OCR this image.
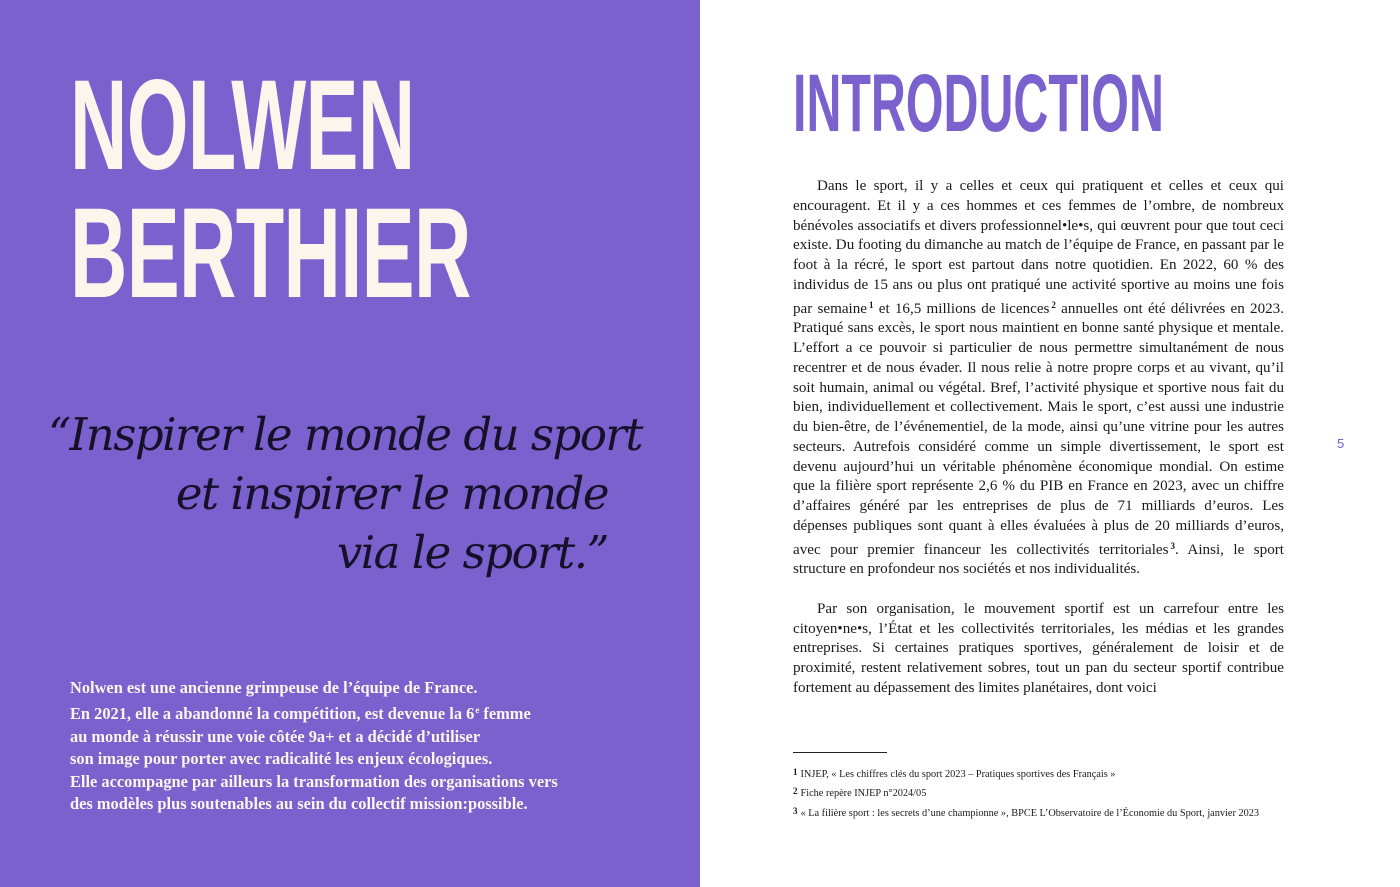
NOLWEN
BERTHIER
“Inspirer le monde du sport
et inspirer le monde
via le sport.”
Nolwen est une ancienne grimpeuse de l’équipe de France.
En 2021, elle a abandonné la compétition, est devenue la 6e femme
au monde à réussir une voie côtée 9a+ et a décidé d’utiliser
son image pour porter avec radicalité les enjeux écologiques.
Elle accompagne par ailleurs la transformation des organisations vers
des modèles plus soutenables au sein du collectif mission:possible.
INTRODUCTION

Dans le sport, il y a celles et ceux qui pratiquent et celles et ceux qui encouragent. Et il y a ces hommes et ces femmes de l’ombre, de nombreux bénévoles associatifs et divers professionnel•le•s, qui œuvrent pour que tout ceci existe. Du footing du dimanche au match de l’équipe de France, en passant par le foot à la récré, le sport est partout dans notre quotidien. En 2022, 60 % des individus de 15 ans ou plus ont pratiqué une activité sportive au moins une fois par semaine $^1$ et 16,5 millions de licences $^2$ annuelles ont été délivrées en 2023. Pratiqué sans excès, le sport nous maintient en bonne santé physique et mentale. L’effort a ce pouvoir si particulier de nous permettre simultanément de nous recentrer et de nous évader. Il nous relie à notre propre corps et au vivant, qu’il soit humain, animal ou végétal. Bref, l’activité physique et sportive nous fait du bien, individuellement et collectivement. Mais le sport, c’est aussi une industrie du bien-être, de l’événementiel, de la mode, ainsi qu’une vitrine pour les autres secteurs. Autrefois considéré comme un simple divertissement, le sport est devenu aujourd’hui un véritable phénomène économique mondial. On estime que la filière sport représente 2,6 % du PIB en France en 2023, avec un chiffre d’affaires généré par les entreprises de plus de 71 milliards d’euros. Les dépenses publiques sont quant à elles évaluées à plus de 20 milliards d’euros, avec pour premier financeur les collectivités territoriales $^3$. Ainsi, le sport structure en profondeur nos sociétés et nos individualités.

Par son organisation, le mouvement sportif est un carrefour entre les citoyen•ne•s, l’État et les collectivités territoriales, les médias et les grandes entreprises. Si certaines pratiques sportives, généralement de loisir et de proximité, restent relativement sobres, tout un pan du secteur sportif contribue fortement au dépassement des limites planétaires, dont voici

5
1 INJEP, « Les chiffres clés du sport 2023 – Pratiques sportives des Français »
2 Fiche repère INJEP n°2024/05
3 « La filière sport : les secrets d’une championne », BPCE L’Observatoire de l’Économie du Sport, janvier 2023
